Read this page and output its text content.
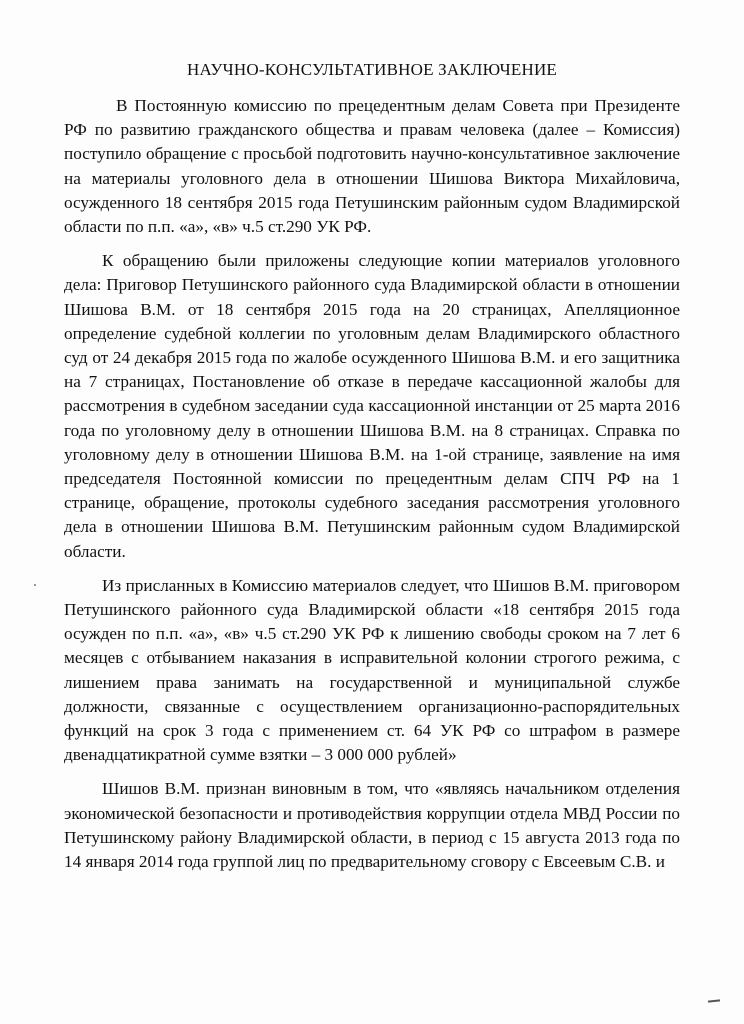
НАУЧНО-КОНСУЛЬТАТИВНОЕ ЗАКЛЮЧЕНИЕ

В Постоянную комиссию по прецедентным делам Совета при Президенте РФ по развитию гражданского общества и правам человека (далее – Комиссия) поступило обращение с просьбой подготовить научно-консультативное заключение на материалы уголовного дела в отношении Шишова Виктора Михайловича, осужденного 18 сентября 2015 года Петушинским районным судом Владимирской области по п.п. «а», «в» ч.5 ст.290 УК РФ.

К обращению были приложены следующие копии материалов уголовного дела: Приговор Петушинского районного суда Владимирской области в отношении Шишова В.М. от 18 сентября 2015 года на 20 страницах, Апелляционное определение судебной коллегии по уголовным делам Владимирского областного суд от 24 декабря 2015 года по жалобе осужденного Шишова В.М. и его защитника на 7 страницах, Постановление об отказе в передаче кассационной жалобы для рассмотрения в судебном заседании суда кассационной инстанции от 25 марта 2016 года по уголовному делу в отношении Шишова В.М. на 8 страницах. Справка по уголовному делу в отношении Шишова В.М. на 1-ой странице, заявление на имя председателя Постоянной комиссии по прецедентным делам СПЧ РФ на 1 странице, обращение, протоколы судебного заседания рассмотрения уголовного дела в отношении Шишова В.М. Петушинским районным судом Владимирской области.

Из присланных в Комиссию материалов следует, что Шишов В.М. приговором Петушинского районного суда Владимирской области «18 сентября 2015 года осужден по п.п. «а», «в» ч.5 ст.290 УК РФ к лишению свободы сроком на 7 лет 6 месяцев с отбыванием наказания в исправительной колонии строгого режима, с лишением права занимать на государственной и муниципальной службе должности, связанные с осуществлением организационно-распорядительных функций на срок 3 года с применением ст. 64 УК РФ со штрафом в размере двенадцатикратной сумме взятки – 3 000 000 рублей»

Шишов В.М. признан виновным в том, что «являясь начальником отделения экономической безопасности и противодействия коррупции отдела МВД России по Петушинскому району Владимирской области, в период с 15 августа 2013 года по 14 января 2014 года группой лиц по предварительному сговору с Евсеевым С.В. и
